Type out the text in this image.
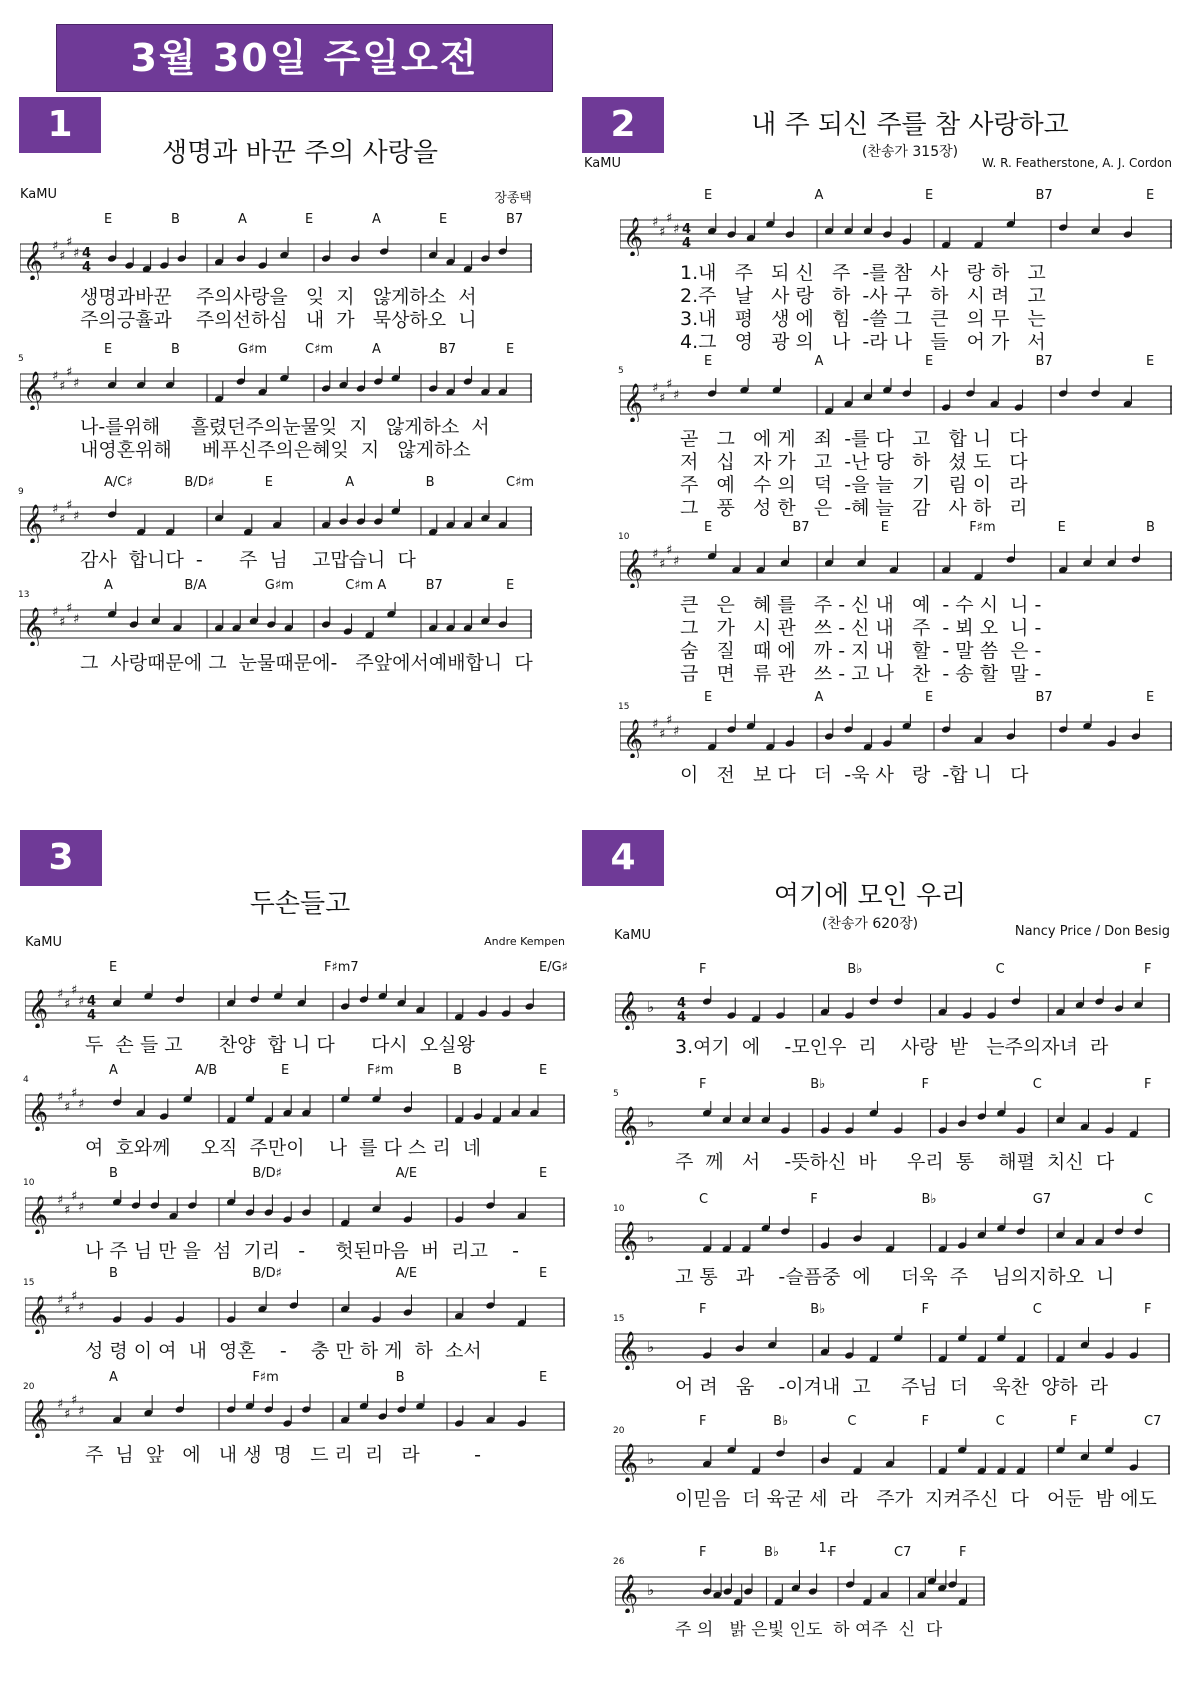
3월 30일 주일오전
1
생명과 바꾼 주의 사랑을
KaMU	장종택
E	B	A	E	A	E	B7
𝄞 ♯
♯
♯
♯ 4
4
생명과바꾼    주의사랑을   잊  지   않게하소  서
주의긍휼과    주의선하심   내  가   묵상하오  니
E	B	G♯m	C♯m	A	B7	E
5
𝄞 ♯
♯
♯
♯
나-를위해     흘렸던주의눈물잊  지   않게하소  서
내영혼위해     베푸신주의은혜잊  지   않게하소
A/C♯	B/D♯	E	A	B	C♯m
9
𝄞 ♯
♯
♯
♯
감사  합니다  -      주  님    고맙습니  다
A	B/A	G♯m	C♯m A	B7	E
13
𝄞 ♯
♯
♯
♯
그  사랑때문에 그  눈물때문에-   주앞에서예배합니  다
2	내 주 되신 주를 참 사랑하고
(찬송가 315장)
KaMU	W. R. Featherstone, A. J. Cordon
E	A	E	B7	E
𝄞 ♯
♯
♯
♯ 4
4
1.내   주   되 신   주  -를 참   사   랑 하   고
2.주   날   사 랑   하  -사 구   하   시 려   고
3.내   평   생 에   힘  -쓸 그   큰   의 무   는
4.그   영   광 의   나  -라 나   들   어 가   서
E	A	E	B7	E
5
𝄞 ♯
♯
♯
♯
곧   그   에 게   죄  -를 다   고   합 니   다
저   십   자 가   고  -난 당   하   셨 도   다
주   예   수 의   덕  -을 늘   기   림 이   라
그   풍   성 한   은  -혜 늘   감   사 하   리
E	B7	E	F♯m	E	B
10
𝄞 ♯
♯
♯
♯
큰   은   혜 를   주 - 신 내   예  - 수 시  니 -
그   가   시 관   쓰 - 신 내   주  - 뵈 오  니 -
숨   질   때 에   까 - 지 내   할  - 말 씀  은 -
금   면   류 관   쓰 - 고 나   찬  - 송 할  말 -
E	A	E	B7	E
15
𝄞 ♯
♯
♯
♯
이   전   보 다   더  -욱 사   랑  -합 니   다
3
두손들고
KaMU	Andre Kempen
E	F♯m7	E/G♯
𝄞 ♯
♯
♯
♯ 4
4
두  손 들 고      찬양  합 니 다      다시  오실왕
A	A/B	E	F♯m	B	E
4
𝄞 ♯
♯
♯
♯
여  호와께     오직  주만이    나  를 다 스 리  네
B	B/D♯	A/E	E
10
𝄞 ♯
♯
♯
♯
나 주 님 만 을  섬  기리   -     헛된마음  버  리고    -
B	B/D♯	A/E	E
15
𝄞 ♯
♯
♯
♯
성 령 이 여  내  영혼    -    충 만 하 게  하  소서
A	F♯m	B	E
20
𝄞 ♯
♯
♯
♯
주  님  앞   에   내 생  명   드 리  리   라         -
4
여기에 모인 우리
(찬송가 620장)
KaMU	Nancy Price / Don Besig
F	B♭	C	F
𝄞 ♭ 4
4
3.여기  에    -모인우  리    사랑  받   는주의자녀  라
F	B♭	F	C	F
5
𝄞 ♭
주  께   서    -뜻하신  바     우리  통    해펼  치신  다
C	F	B♭	G7	C
10
𝄞 ♭
고 통   과    -슬픔중  에     더욱  주    님의지하오  니
F	B♭	F	C	F
15
𝄞 ♭
어 려   움    -이겨내  고     주님  더    욱찬  양하  라
F	B♭	C	F	C	F	C7
20
𝄞 ♭
이믿음  더 육굳 세  라   주가  지켜주신  다   어둔  밤 에도
F	B♭	F	C7	F
1.
26
𝄞 ♭
주 의   밝 은빛 인도  하 여주  신  다
